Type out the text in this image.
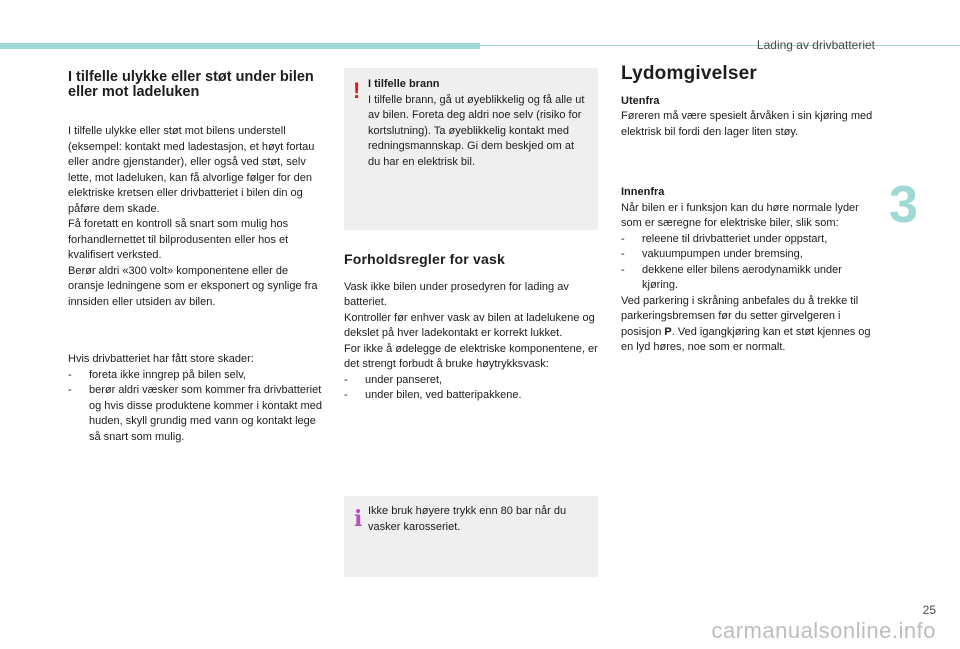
Lading av drivbatteriet
3
I tilfelle ulykke eller støt under bilen eller mot ladeluken
I tilfelle ulykke eller støt mot bilens understell (eksempel: kontakt med ladestasjon, et høyt fortau eller andre gjenstander), eller også ved støt, selv lette, mot ladeluken, kan få alvorlige følger for den elektriske kretsen eller drivbatteriet i bilen din og påføre dem skade.
Få foretatt en kontroll så snart som mulig hos forhandlernettet til bilprodusenten eller hos et kvalifisert verksted.
Berør aldri «300 volt» komponentene eller de oransje ledningene som er eksponert og synlige fra innsiden eller utsiden av bilen.
Hvis drivbatteriet har fått store skader:
- foreta ikke inngrep på bilen selv,
- berør aldri væsker som kommer fra drivbatteriet og hvis disse produktene kommer i kontakt med huden, skyll grundig med vann og kontakt lege så snart som mulig.
! I tilfelle brann
I tilfelle brann, gå ut øyeblikkelig og få alle ut av bilen. Foreta deg aldri noe selv (risiko for kortslutning). Ta øyeblikkelig kontakt med redningsmannskap. Gi dem beskjed om at du har en elektrisk bil.
Forholdsregler for vask
Vask ikke bilen under prosedyren for lading av batteriet.
Kontroller før enhver vask av bilen at ladelukene og dekslet på hver ladekontakt er korrekt lukket.
For ikke å ødelegge de elektriske komponentene, er det strengt forbudt å bruke høytrykksvask:
- under panseret,
- under bilen, ved batteripakkene.
i Ikke bruk høyere trykk enn 80 bar når du vasker karosseriet.
Lydomgivelser
Utenfra
Føreren må være spesielt årvåken i sin kjøring med elektrisk bil fordi den lager liten støy.
Innenfra
Når bilen er i funksjon kan du høre normale lyder som er særegne for elektriske biler, slik som:
- releene til drivbatteriet under oppstart,
- vakuumpumpen under bremsing,
- dekkene eller bilens aerodynamikk under kjøring.
Ved parkering i skråning anbefales du å trekke til parkeringsbremsen før du setter girvelgeren i posisjon P. Ved igangkjøring kan et støt kjennes og en lyd høres, noe som er normalt.
25
carmanualsonline.info
